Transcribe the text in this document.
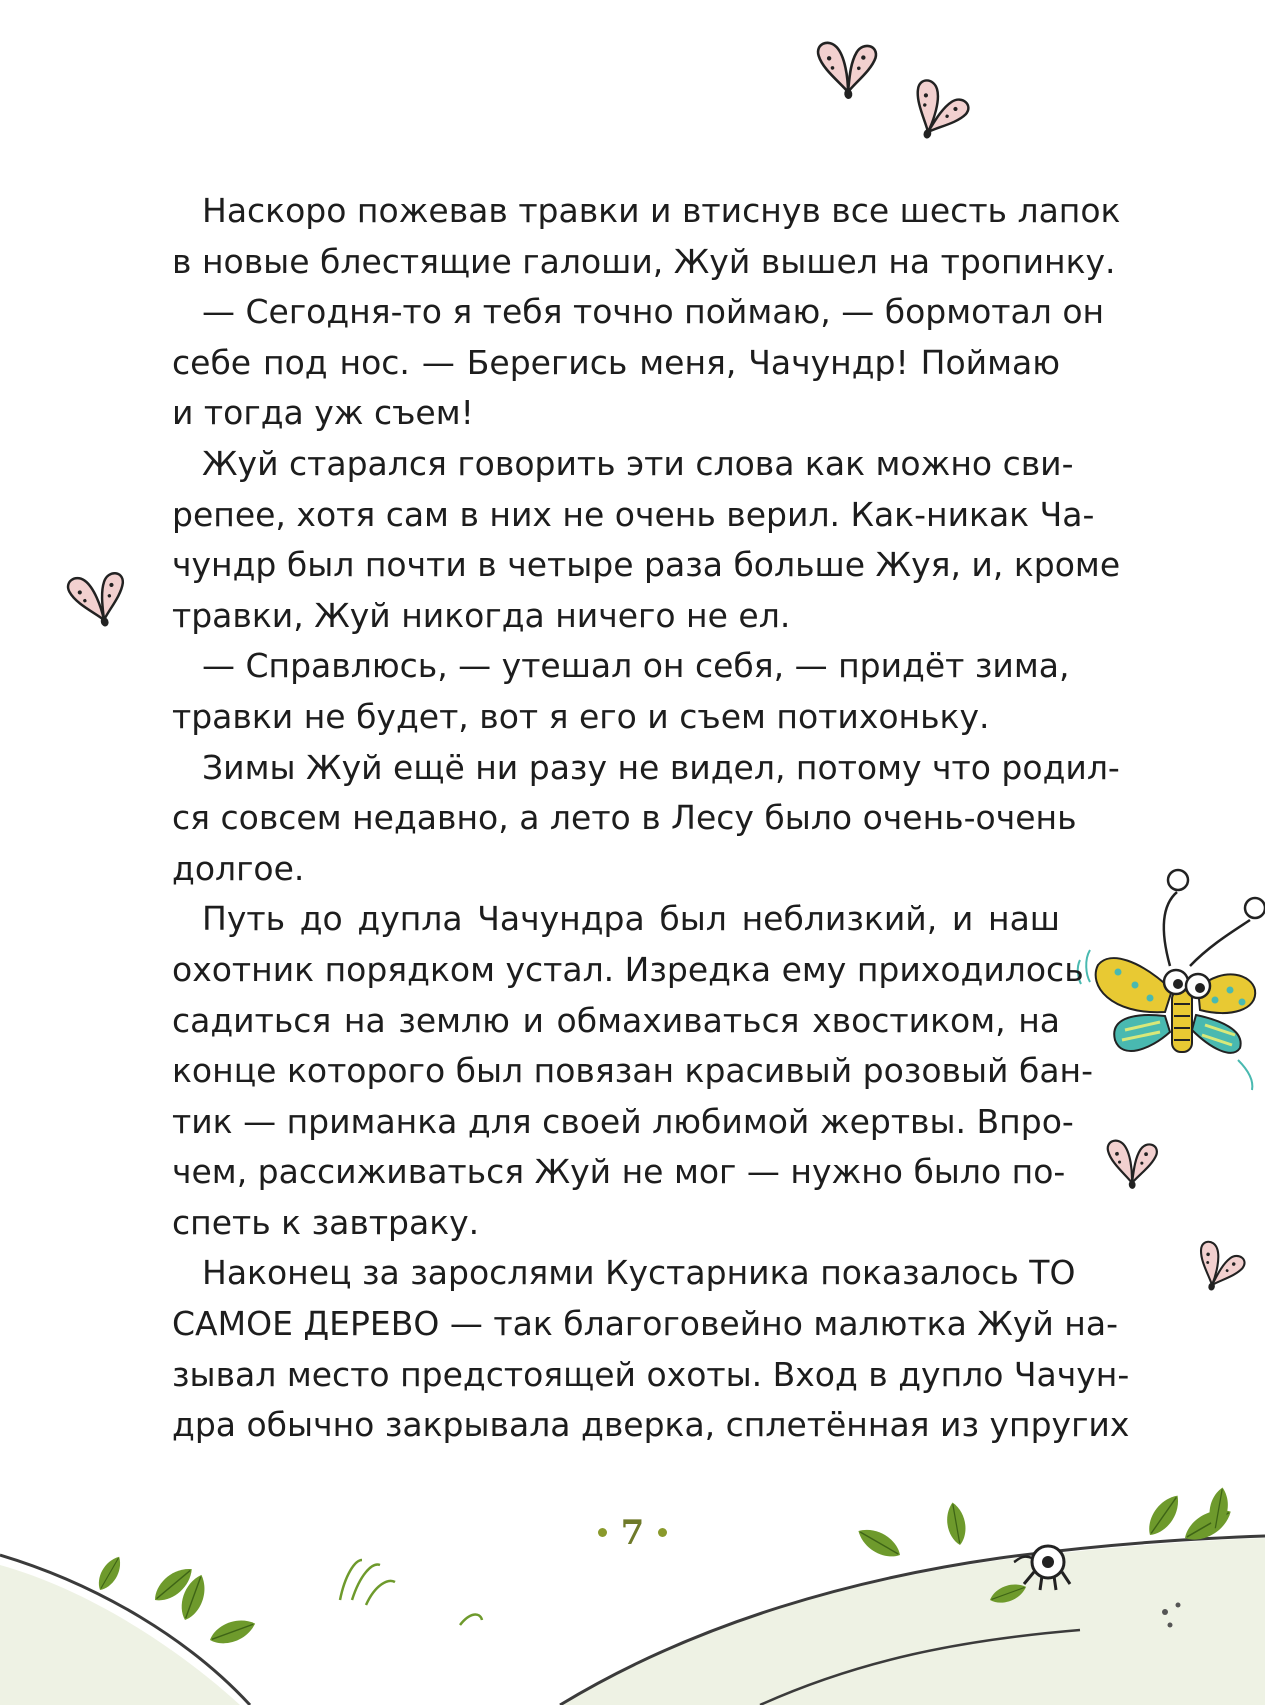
Наскоро пожевав травки и втиснув все шесть лапок
в новые блестящие галоши, Жуй вышел на тропинку.
— Сегодня-то я тебя точно поймаю, — бормотал он
себе под нос. — Берегись меня, Чачундр! Поймаю
и тогда уж съем!
Жуй старался говорить эти слова как можно сви-
репее, хотя сам в них не очень верил. Как-никак Ча-
чундр был почти в четыре раза больше Жуя, и, кроме
травки, Жуй никогда ничего не ел.
— Справлюсь, — утешал он себя, — придёт зима,
травки не будет, вот я его и съем потихоньку.
Зимы Жуй ещё ни разу не видел, потому что родил-
ся совсем недавно, а лето в Лесу было очень-очень
долгое.
Путь до дупла Чачундра был неблизкий, и наш
охотник порядком устал. Изредка ему приходилось
садиться на землю и обмахиваться хвостиком, на
конце которого был повязан красивый розовый бан-
тик — приманка для своей любимой жертвы. Впро-
чем, рассиживаться Жуй не мог — нужно было по-
спеть к завтраку.
Наконец за зарослями Кустарника показалось ТО
САМОЕ ДЕРЕВО — так благоговейно малютка Жуй на-
зывал место предстоящей охоты. Вход в дупло Чачун-
дра обычно закрывала дверка, сплетённая из упругих
7
